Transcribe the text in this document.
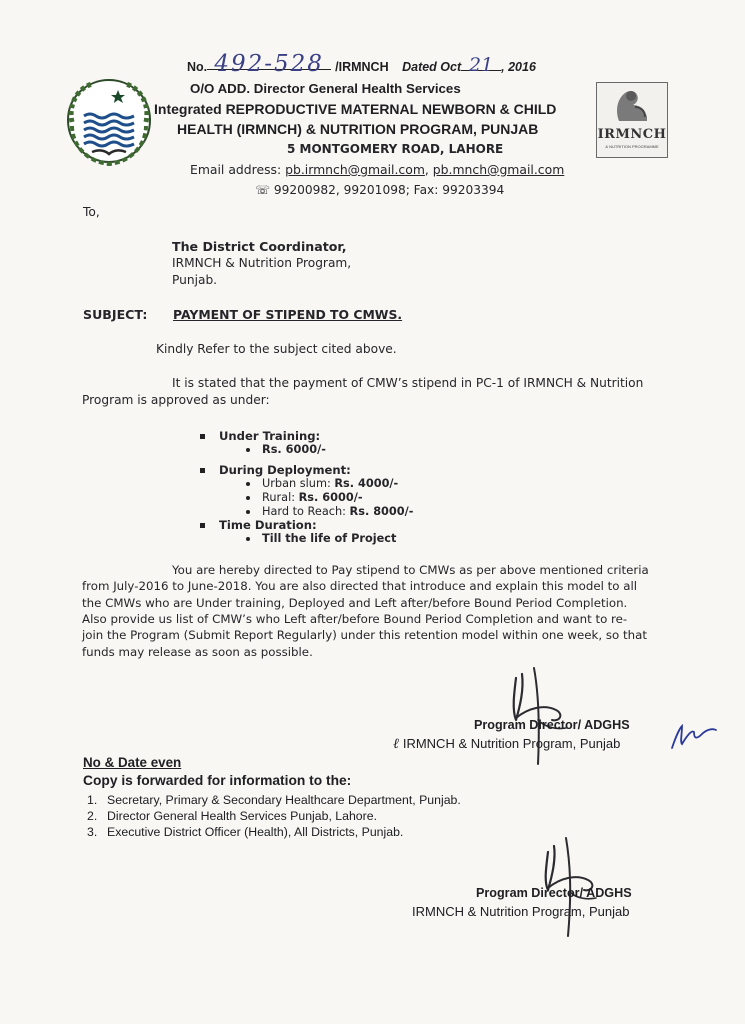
IRMNCH
& NUTRITION PROGRAMME
No. 492-528 /IRMNCH Dated Oct 21 , 2016
O/O ADD. Director General Health Services
Integrated REPRODUCTIVE MATERNAL NEWBORN & CHILD
HEALTH (IRMNCH) & NUTRITION PROGRAM, PUNJAB
5 MONTGOMERY ROAD, LAHORE
Email address: pb.irmnch@gmail.com, pb.mnch@gmail.com
☏ 99200982, 99201098; Fax: 99203394
To,
The District Coordinator,
IRMNCH & Nutrition Program,
Punjab.
SUBJECT: PAYMENT OF STIPEND TO CMWS.
Kindly Refer to the subject cited above.
It is stated that the payment of CMW’s stipend in PC-1 of IRMNCH & Nutrition
Program is approved as under:
Under Training:
Rs. 6000/-
During Deployment:
Urban slum: Rs. 4000/-
Rural: Rs. 6000/-
Hard to Reach: Rs. 8000/-
Time Duration:
Till the life of Project
You are hereby directed to Pay stipend to CMWs as per above mentioned criteria
from July-2016 to June-2018. You are also directed that introduce and explain this model to all
the CMWs who are Under training, Deployed and Left after/before Bound Period Completion.
Also provide us list of CMW’s who Left after/before Bound Period Completion and want to re-
join the Program (Submit Report Regularly) under this retention model within one week, so that
funds may release as soon as possible.
Program Director/ ADGHS
ℓ IRMNCH & Nutrition Program, Punjab
No & Date even
Copy is forwarded for information to the:
1. Secretary, Primary & Secondary Healthcare Department, Punjab.
2. Director General Health Services Punjab, Lahore.
3. Executive District Officer (Health), All Districts, Punjab.
Program Director/ ADGHS
IRMNCH & Nutrition Program, Punjab
